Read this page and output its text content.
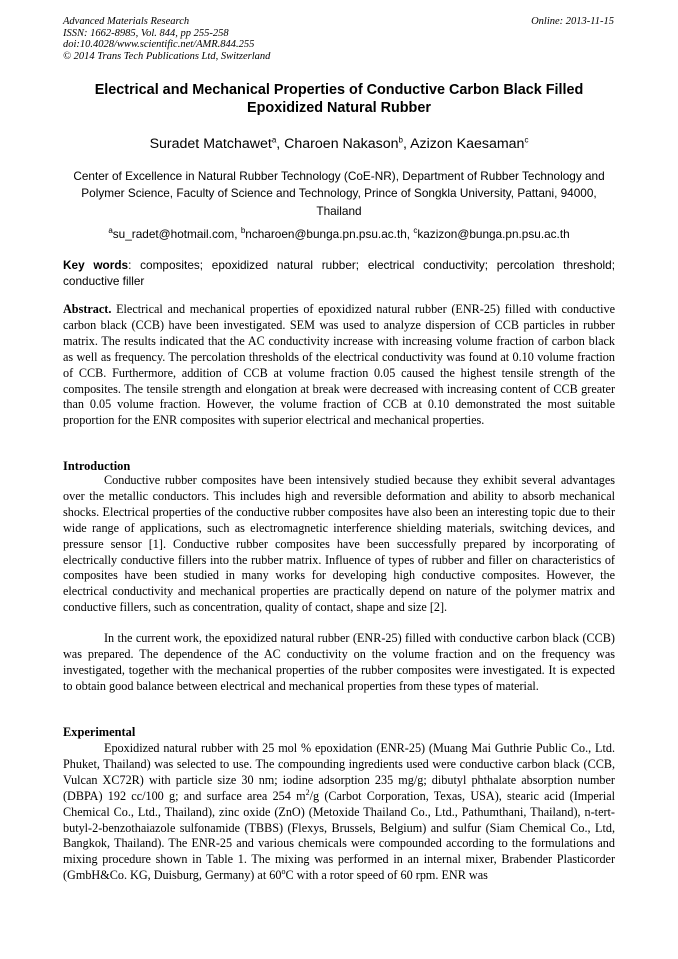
Advanced Materials Research
ISSN: 1662-8985, Vol. 844, pp 255-258
doi:10.4028/www.scientific.net/AMR.844.255
© 2014 Trans Tech Publications Ltd, Switzerland
Online: 2013-11-15
Electrical and Mechanical Properties of Conductive Carbon Black Filled
Epoxidized Natural Rubber
Suradet Matchawet$^a$, Charoen Nakason$^b$, Azizon Kaesaman$^c$
Center of Excellence in Natural Rubber Technology (CoE-NR), Department of Rubber Technology and Polymer Science, Faculty of Science and Technology, Prince of Songkla University, Pattani, 94000, Thailand
$^a$su_radet@hotmail.com, $^b$ncharoen@bunga.pn.psu.ac.th, $^c$kazizon@bunga.pn.psu.ac.th
Key words: composites; epoxidized natural rubber; electrical conductivity; percolation threshold; conductive filler
Abstract. Electrical and mechanical properties of epoxidized natural rubber (ENR-25) filled with conductive carbon black (CCB) have been investigated. SEM was used to analyze dispersion of CCB particles in rubber matrix. The results indicated that the AC conductivity increase with increasing volume fraction of carbon black as well as frequency. The percolation thresholds of the electrical conductivity was found at 0.10 volume fraction of CCB. Furthermore, addition of CCB at volume fraction 0.05 caused the highest tensile strength of the composites. The tensile strength and elongation at break were decreased with increasing content of CCB greater than 0.05 volume fraction. However, the volume fraction of CCB at 0.10 demonstrated the most suitable proportion for the ENR composites with superior electrical and mechanical properties.
Introduction
Conductive rubber composites have been intensively studied because they exhibit several advantages over the metallic conductors. This includes high and reversible deformation and ability to absorb mechanical shocks. Electrical properties of the conductive rubber composites have also been an interesting topic due to their wide range of applications, such as electromagnetic interference shielding materials, switching devices, and pressure sensor [1]. Conductive rubber composites have been successfully prepared by incorporating of electrically conductive fillers into the rubber matrix. Influence of types of rubber and filler on characteristics of composites have been studied in many works for developing high conductive composites. However, the electrical conductivity and mechanical properties are practically depend on nature of the polymer matrix and conductive fillers, such as concentration, quality of contact, shape and size [2].
In the current work, the epoxidized natural rubber (ENR-25) filled with conductive carbon black (CCB) was prepared. The dependence of the AC conductivity on the volume fraction and on the frequency was investigated, together with the mechanical properties of the rubber composites were investigated. It is expected to obtain good balance between electrical and mechanical properties from these types of material.
Experimental
Epoxidized natural rubber with 25 mol % epoxidation (ENR-25) (Muang Mai Guthrie Public Co., Ltd. Phuket, Thailand) was selected to use. The compounding ingredients used were conductive carbon black (CCB, Vulcan XC72R) with particle size 30 nm; iodine adsorption 235 mg/g; dibutyl phthalate absorption number (DBPA) 192 cc/100 g; and surface area 254 $m^2/g$ (Carbot Corporation, Texas, USA), stearic acid (Imperial Chemical Co., Ltd., Thailand), zinc oxide (ZnO) (Metoxide Thailand Co., Ltd., Pathumthani, Thailand), n-tert-butyl-2-benzothaiazole sulfonamide (TBBS) (Flexys, Brussels, Belgium) and sulfur (Siam Chemical Co., Ltd, Bangkok, Thailand). The ENR-25 and various chemicals were compounded according to the formulations and mixing procedure shown in Table 1. The mixing was performed in an internal mixer, Brabender Plasticorder (GmbH&Co. KG, Duisburg, Germany) at 60$^o$C with a rotor speed of 60 rpm. ENR was
